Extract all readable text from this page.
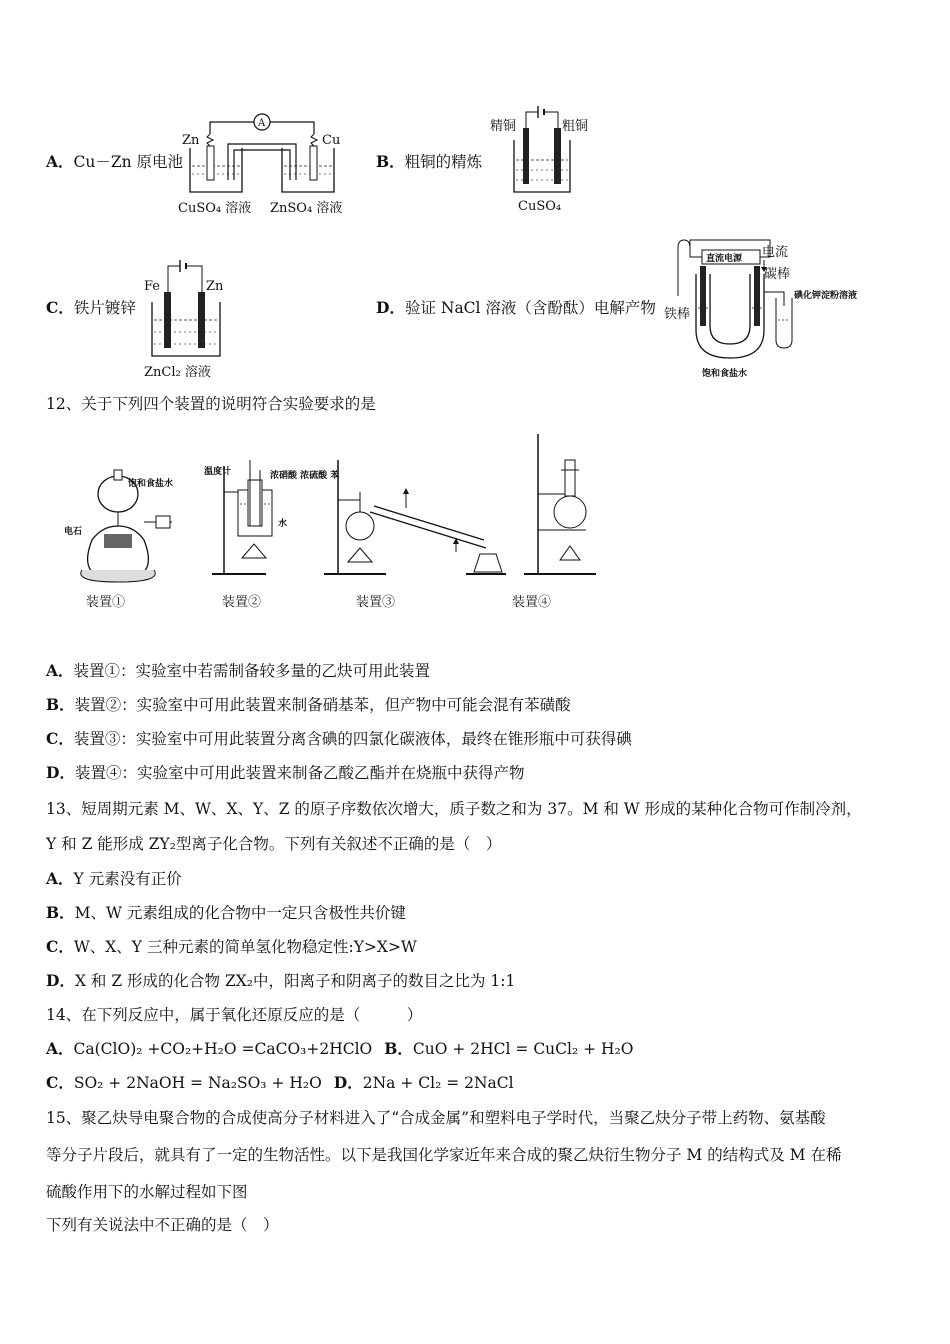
A．Cu－Zn 原电池
A
Zn	Cu
CuSO₄ 溶液 ZnSO₄ 溶液
B．粗铜的精炼
精铜	粗铜
CuSO₄
C．铁片镀锌
Fe	Zn
ZnCl₂ 溶液
D．验证 NaCl 溶液（含酚酞）电解产物
直流电源 电流
碳棒
铁棒
碘化钾淀粉溶液
饱和食盐水
12、关于下列四个装置的说明符合实验要求的是
饱和食盐水
电石
装置①
温度计	浓硝酸 浓硫酸 苯
水
装置②	装置③	装置④
A．装置①：实验室中若需制备较多量的乙炔可用此装置
B．装置②：实验室中可用此装置来制备硝基苯，但产物中可能会混有苯磺酸
C．装置③：实验室中可用此装置分离含碘的四氯化碳液体，最终在锥形瓶中可获得碘
D．装置④：实验室中可用此装置来制备乙酸乙酯并在烧瓶中获得产物
13、短周期元素 M、W、X、Y、Z 的原子序数依次增大，质子数之和为 37。M 和 W 形成的某种化合物可作制冷剂，
Y 和 Z 能形成 ZY₂型离子化合物。下列有关叙述不正确的是（　）
A．Y 元素没有正价
B．M、W 元素组成的化合物中一定只含极性共价键
C．W、X、Y 三种元素的简单氢化物稳定性:Y>X>W
D．X 和 Z 形成的化合物 ZX₂中，阳离子和阴离子的数目之比为 1:1
14、在下列反应中，属于氧化还原反应的是（　　　）
A．Ca(ClO)₂ +CO₂+H₂O =CaCO₃+2HClO B．CuO + 2HCl = CuCl₂ + H₂O
C．SO₂ + 2NaOH = Na₂SO₃ + H₂O D．2Na + Cl₂ = 2NaCl
15、聚乙炔导电聚合物的合成使高分子材料进入了“合成金属”和塑料电子学时代，当聚乙炔分子带上药物、氨基酸
等分子片段后，就具有了一定的生物活性。以下是我国化学家近年来合成的聚乙炔衍生物分子 M 的结构式及 M 在稀
硫酸作用下的水解过程如下图
下列有关说法中不正确的是（　）
